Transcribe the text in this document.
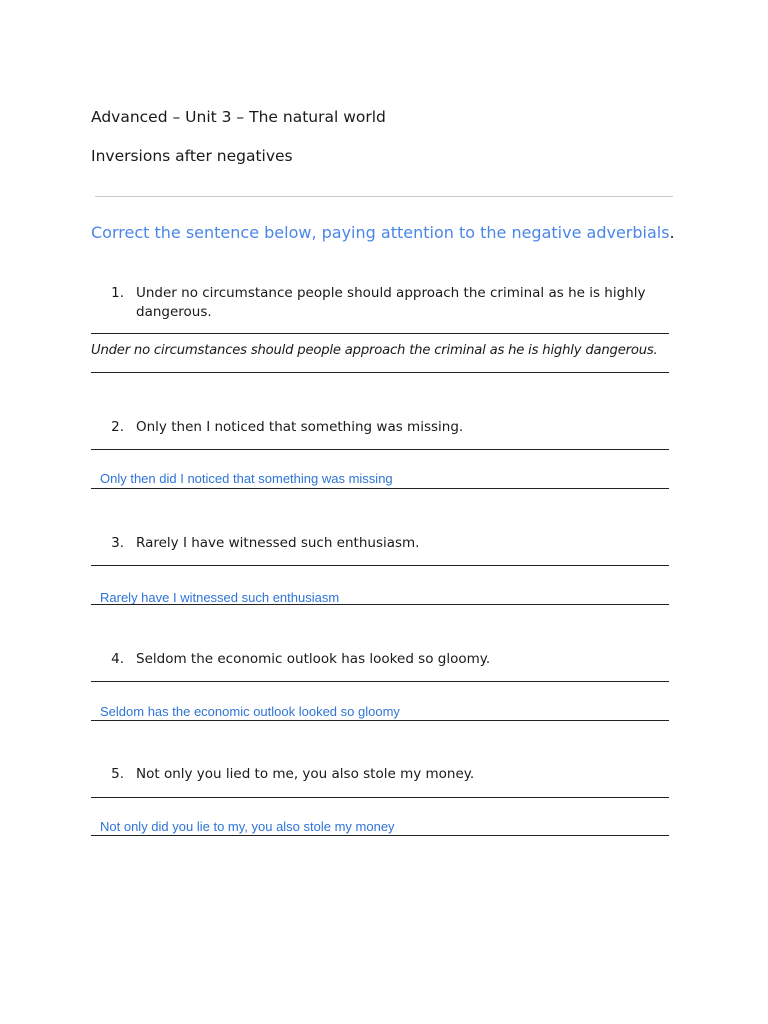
Advanced – Unit 3 – The natural world
Inversions after negatives
Correct the sentence below, paying attention to the negative adverbials.
1. Under no circumstance people should approach the criminal as he is highly
dangerous.
Under no circumstances should people approach the criminal as he is highly dangerous.
2. Only then I noticed that something was missing.
Only then did I noticed that something was missing
3. Rarely I have witnessed such enthusiasm.
Rarely have I witnessed such enthusiasm
4. Seldom the economic outlook has looked so gloomy.
Seldom has the economic outlook looked so gloomy
5. Not only you lied to me, you also stole my money.
Not only did you lie to my, you also stole my money
